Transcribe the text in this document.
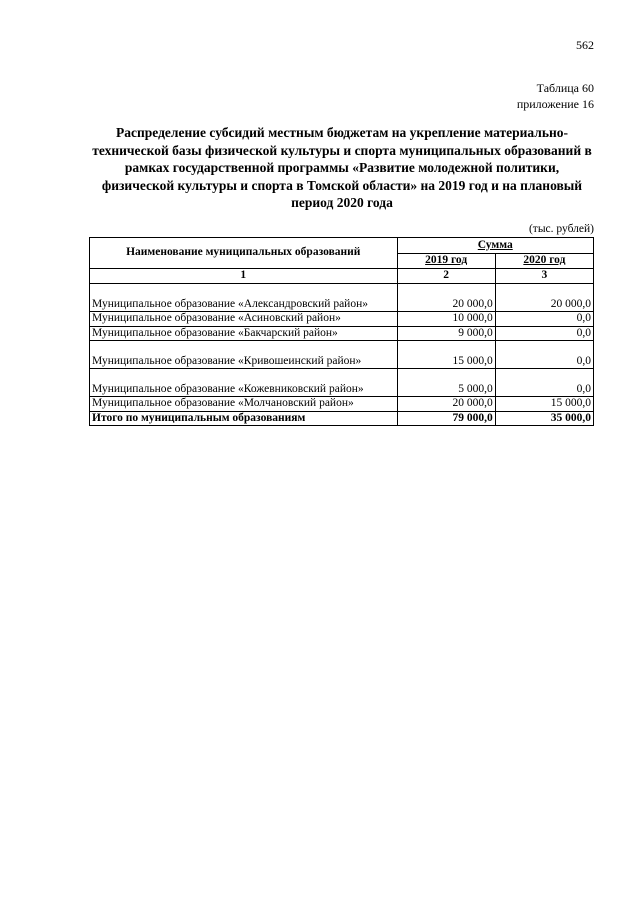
562
Таблица 60
приложение 16
Распределение субсидий местным бюджетам на укрепление материально-технической базы физической культуры и спорта муниципальных образований в рамках государственной программы «Развитие молодежной политики, физической культуры и спорта в Томской области» на 2019 год и на плановый период 2020 года
(тыс. рублей)
Наименование муниципальных образований	Сумма	
	2019 год	2020 год
1	2	3
Муниципальное образование «Александровский район»	20 000,0	20 000,0
Муниципальное образование «Асиновский район»	10 000,0	0,0
Муниципальное образование «Бакчарский район»	9 000,0	0,0
Муниципальное образование «Кривошеинский район»	15 000,0	0,0
Муниципальное образование «Кожевниковский район»	5 000,0	0,0
Муниципальное образование «Молчановский район»	20 000,0	15 000,0
Итого по муниципальным образованиям	79 000,0	35 000,0
